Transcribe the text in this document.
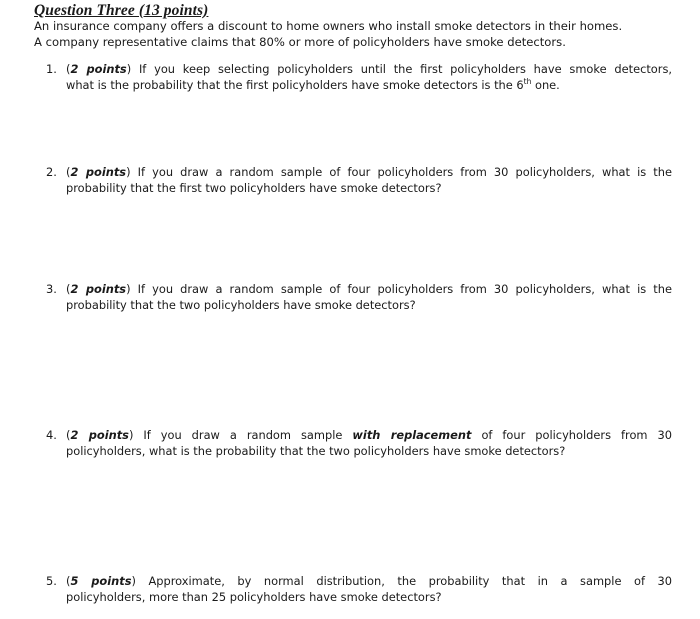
Question Three (13 points)
An insurance company offers a discount to home owners who install smoke detectors in their homes.
A company representative claims that 80% or more of policyholders have smoke detectors.
1. (2 points) If you keep selecting policyholders until the first policyholders have smoke detectors,
what is the probability that the first policyholders have smoke detectors is the 6th one.
2. (2 points) If you draw a random sample of four policyholders from 30 policyholders, what is the
probability that the first two policyholders have smoke detectors?
3. (2 points) If you draw a random sample of four policyholders from 30 policyholders, what is the
probability that the two policyholders have smoke detectors?
4. (2 points) If you draw a random sample with replacement of four policyholders from 30
policyholders, what is the probability that the two policyholders have smoke detectors?
5. (5 points) Approximate, by normal distribution, the probability that in a sample of 30
policyholders, more than 25 policyholders have smoke detectors?
